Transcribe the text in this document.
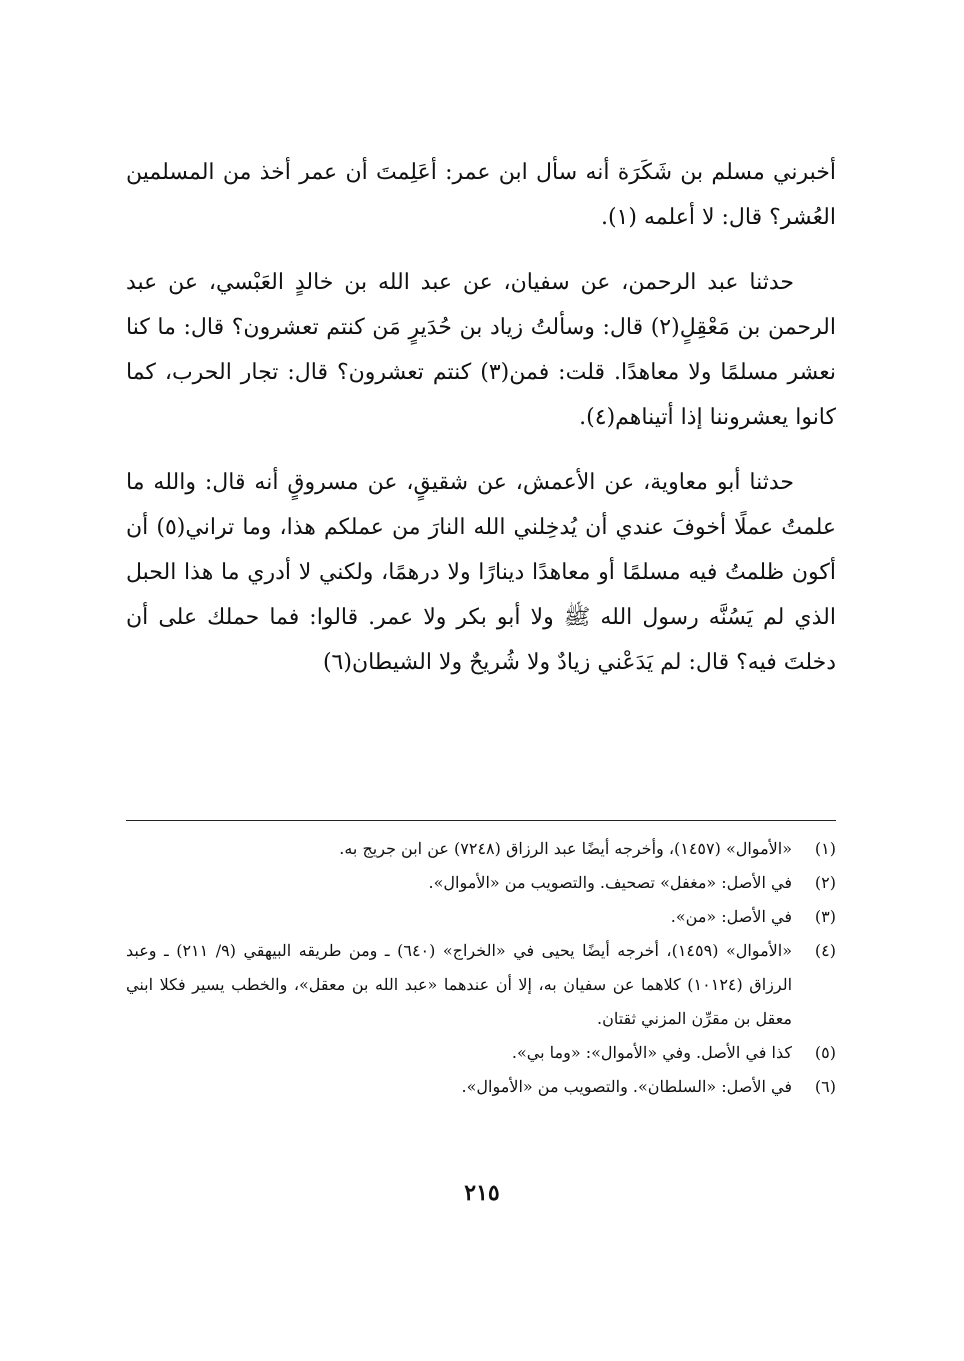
أخبرني مسلم بن شَكَرَة أنه سأل ابن عمر: أعَلِمتَ أن عمر أخذ من المسلمين العُشر؟ قال: لا أعلمه (١).

حدثنا عبد الرحمن، عن سفيان، عن عبد الله بن خالدٍ العَبْسي، عن عبد الرحمن بن مَعْقِلٍ(٢) قال: وسألتُ زياد بن حُدَيرٍ مَن كنتم تعشرون؟ قال: ما كنا نعشر مسلمًا ولا معاهدًا. قلت: فمن(٣) كنتم تعشرون؟ قال: تجار الحرب، كما كانوا يعشروننا إذا أتيناهم(٤).

حدثنا أبو معاوية، عن الأعمش، عن شقيقٍ، عن مسروقٍ أنه قال: والله ما علمتُ عملًا أخوفَ عندي أن يُدخِلني الله النارَ من عملكم هذا، وما تراني(٥) أن أكون ظلمتُ فيه مسلمًا أو معاهدًا دينارًا ولا درهمًا، ولكني لا أدري ما هذا الحبل الذي لم يَسُنَّه رسول الله ﷺ ولا أبو بكر ولا عمر. قالوا: فما حملك على أن دخلتَ فيه؟ قال: لم يَدَعْني زيادٌ ولا شُريحٌ ولا الشيطان(٦)

(١)
«الأموال» (١٤٥٧)، وأخرجه أيضًا عبد الرزاق (٧٢٤٨) عن ابن جريج به.
(٢)
في الأصل: «مغفل» تصحيف. والتصويب من «الأموال».
(٣)
في الأصل: «من».
(٤)
«الأموال» (١٤٥٩)، أخرجه أيضًا يحيى في «الخراج» (٦٤٠) ـ ومن طريقه البيهقي (٩/ ٢١١) ـ وعبد الرزاق (١٠١٢٤) كلاهما عن سفيان به، إلا أن عندهما «عبد الله بن معقل»، والخطب يسير فكلا ابني معقل بن مقرِّن المزني ثقتان.
(٥)
كذا في الأصل. وفي «الأموال»: «وما بي».
(٦)
في الأصل: «السلطان». والتصويب من «الأموال».
٢١٥
